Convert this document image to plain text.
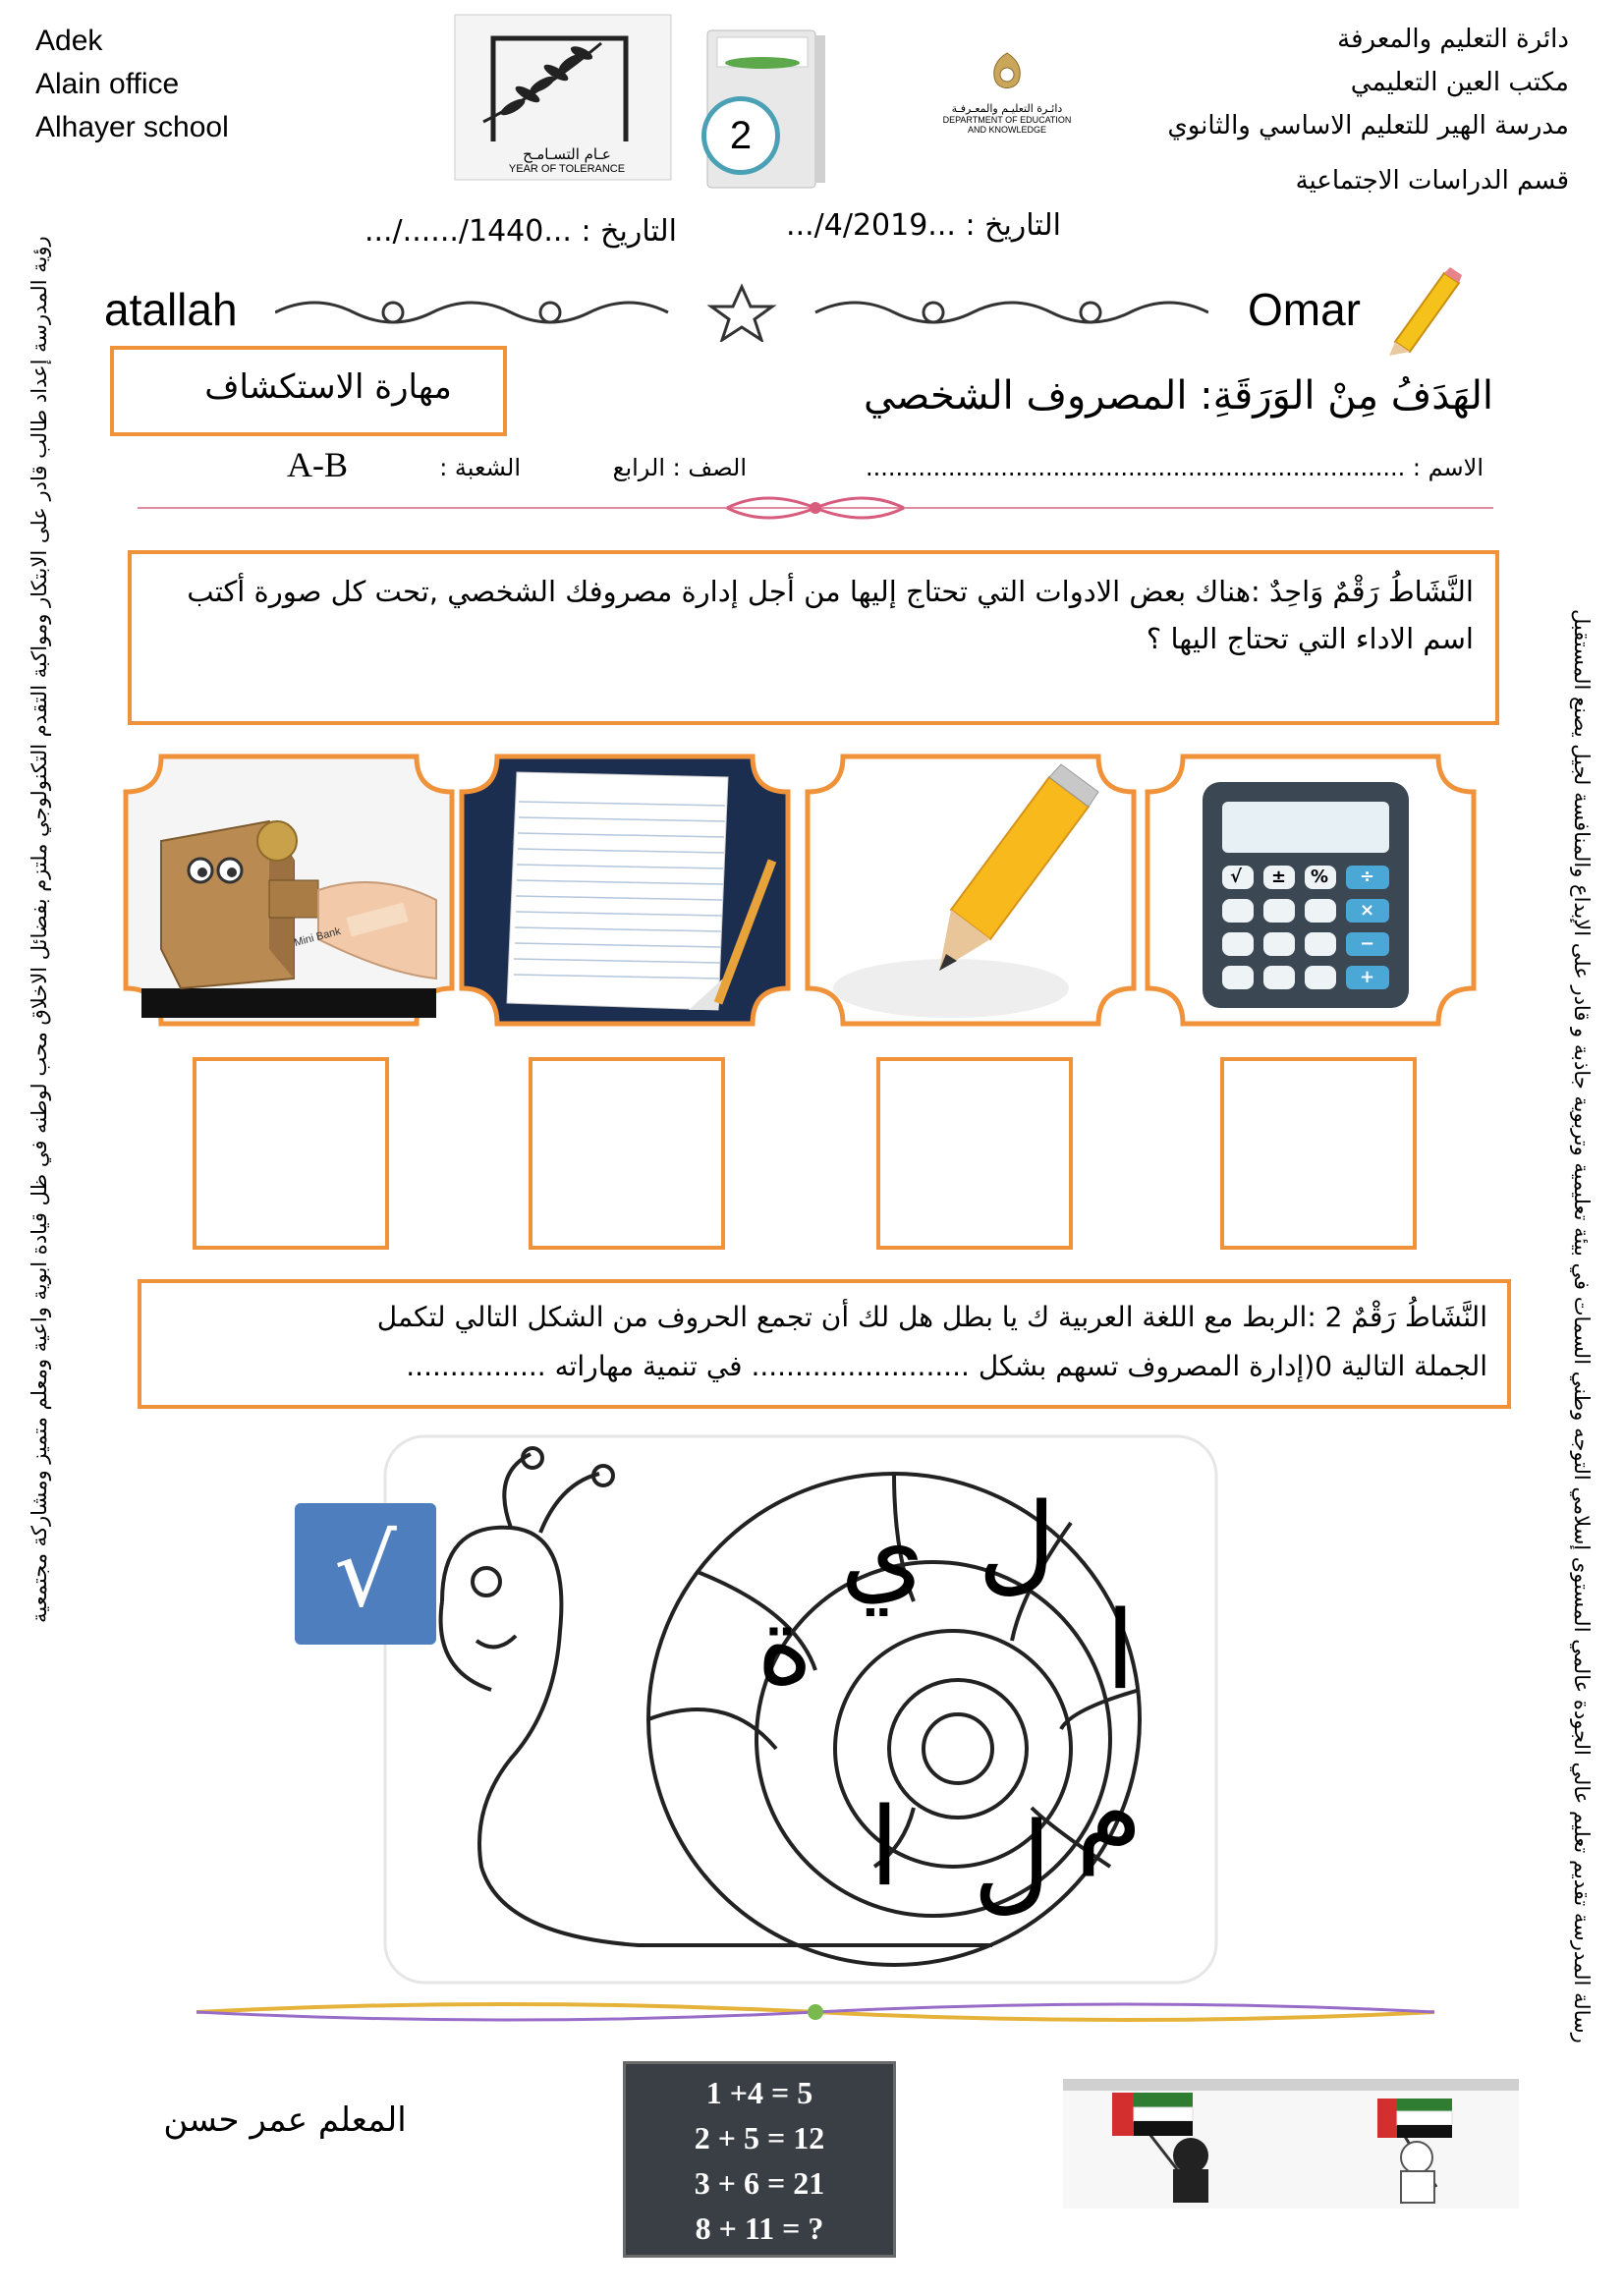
Adek
Alain office
Alhayer school
دائرة التعليم والمعرفة
مكتب العين التعليمي
مدرسة الهير للتعليم الاساسي والثانوي
قسم الدراسات الاجتماعية
عـام التسـامـح
YEAR OF TOLERANCE
2
دائـرة التعليـم والمعـرفـة
DEPARTMENT OF EDUCATION
AND KNOWLEDGE
التاريخ : ...1440/....../...	التاريخ : ...4/2019/...
atallah	Omar
مهارة الاستكشاف	الهَدَفُ مِنْ الوَرَقَةِ: المصروف الشخصي
الاسم : ........................................................................
الصف : الرابع
الشعبة :
A-B
النَّشَاطُ رَقْمٌ وَاحِدٌ :هناك بعض الادوات التي تحتاج إليها من أجل إدارة مصروفك الشخصي ,تحت كل صورة أكتب اسم الاداء التي تحتاج اليها ؟
Mini Bank
√ ± % ÷
×
−
+
النَّشَاطُ رَقْمٌ 2 :الربط مع اللغة العربية ك يا بطل هل لك أن تجمع الحروف من الشكل التالي لتكمل
الجملة التالية 0(إدارة المصروف تسهم بشكل ......................... في تنمية مهاراته ................
ل
ي
ة	ا
م
ا ل
√
1 +4 = 5
2 + 5 = 12
3 + 6 = 21
8 + 11 = ?
المعلم عمر حسن
رؤية المدرسة إعداد طالب قادر على الابتكار ومواكبة التقدم التكنولوجي ملتزم بفضائل الاخلاق محب لوطنه في ظل قيادة ابوية واعية ومعلم متميز ومشاركة مجتمعية	رسالة المدرسة تقديم تعليم عالي الجودة عالمي المستوى إسلامي التوجه وطني السمات في بيئة تعليمية وتربوية جاذبة و قادر على الإبداع والمنافسة لجيل يصنع المستقبل
